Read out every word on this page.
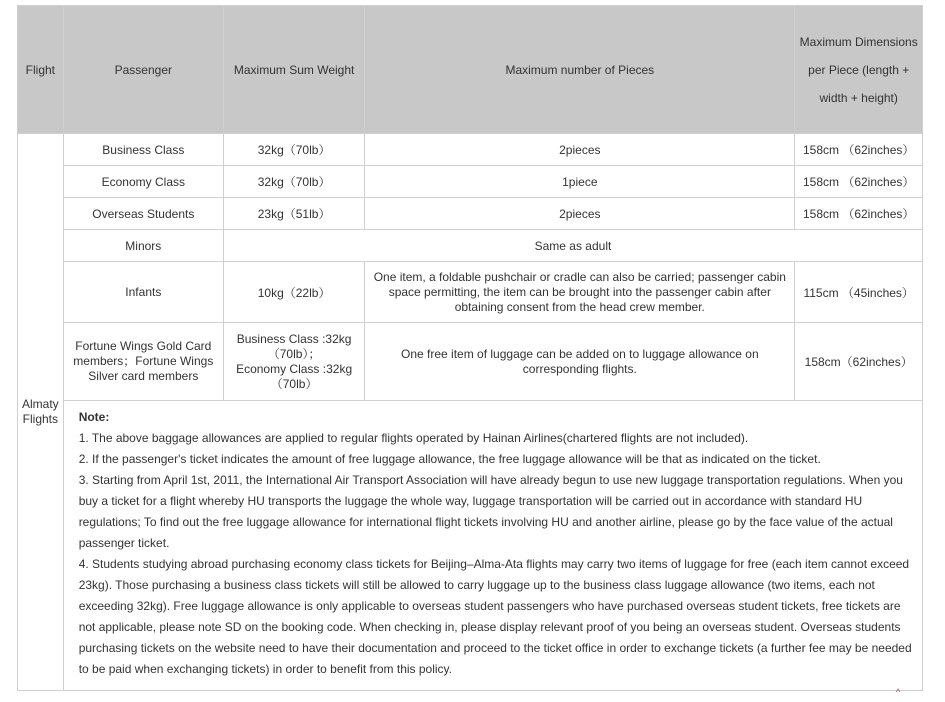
Flight	Passenger	Maximum Sum Weight	Maximum number of Pieces	Maximum Dimensions per Piece (length + width + height)
Almaty Flights	Business Class	32kg（70lb）	2pieces	158cm （62inches）
	Economy Class	32kg（70lb）	1piece	158cm （62inches）
	Overseas Students	23kg（51lb）	2pieces	158cm （62inches）
	Minors	Same as adult		
	Infants	10kg（22lb）	One item, a foldable pushchair or cradle can also be carried; passenger cabin space permitting, the item can be brought into the passenger cabin after obtaining consent from the head crew member.	115cm （45inches）
	Fortune Wings Gold Card members；Fortune Wings Silver card members	Business Class :32kg（70lb）；
Economy Class :32kg（70lb）	One free item of luggage can be added on to luggage allowance on corresponding flights.	158cm（62inches）

	Note:
1. The above baggage allowances are applied to regular flights operated by Hainan Airlines(chartered flights are not included).
2. If the passenger's ticket indicates the amount of free luggage allowance, the free luggage allowance will be that as indicated on the ticket.
3. Starting from April 1st, 2011, the International Air Transport Association will have already begun to use new luggage transportation regulations. When you buy a ticket for a flight whereby HU transports the luggage the whole way, luggage transportation will be carried out in accordance with standard HU regulations; To find out the free luggage allowance for international flight tickets involving HU and another airline, please go by the face value of the actual passenger ticket.
4. Students studying abroad purchasing economy class tickets for Beijing–Alma-Ata flights may carry two items of luggage for free (each item cannot exceed 23kg). Those purchasing a business class tickets will still be allowed to carry luggage up to the business class luggage allowance (two items, each not exceeding 32kg). Free luggage allowance is only applicable to overseas student passengers who have purchased overseas student tickets, free tickets are not applicable, please note SD on the booking code. When checking in, please display relevant proof of you being an overseas student. Overseas students purchasing tickets on the website need to have their documentation and proceed to the ticket office in order to exchange tickets (a further fee may be needed to be paid when exchanging tickets) in order to benefit from this policy.			
^
